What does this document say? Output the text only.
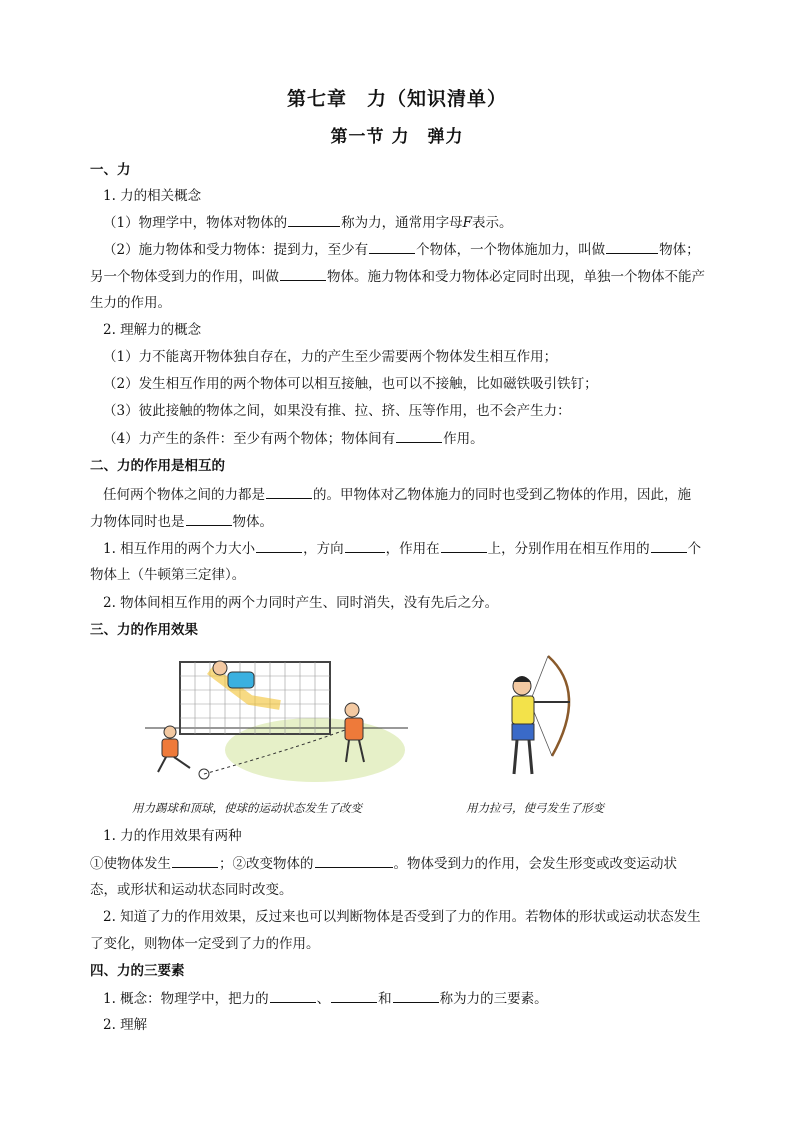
第七章　力（知识清单）
第一节 力　弹力
一、力
1. 力的相关概念
（1）物理学中，物体对物体的	称为力，通常用字母F表示。
（2）施力物体和受力物体：提到力，至少有	个物体，一个物体施加力，叫做	物体；
另一个物体受到力的作用，叫做	物体。施力物体和受力物体必定同时出现，单独一个物体不能产
生力的作用。
2. 理解力的概念
（1）力不能离开物体独自存在，力的产生至少需要两个物体发生相互作用；
（2）发生相互作用的两个物体可以相互接触，也可以不接触，比如磁铁吸引铁钉；
（3）彼此接触的物体之间，如果没有推、拉、挤、压等作用，也不会产生力：
（4）力产生的条件：至少有两个物体；物体间有	作用。
二、力的作用是相互的
任何两个物体之间的力都是	的。甲物体对乙物体施力的同时也受到乙物体的作用，因此，施
力物体同时也是	物体。
1. 相互作用的两个力大小	，方向	，作用在	上，分别作用在相互作用的	个
物体上（牛顿第三定律）。
2. 物体间相互作用的两个力同时产生、同时消失，没有先后之分。
三、力的作用效果
用力踢球和顶球，使球的运动状态发生了改变	用力拉弓，使弓发生了形变
1. 力的作用效果有两种
①使物体发生	；②改变物体的	。物体受到力的作用，会发生形变或改变运动状
态，或形状和运动状态同时改变。
2. 知道了力的作用效果，反过来也可以判断物体是否受到了力的作用。若物体的形状或运动状态发生
了变化，则物体一定受到了力的作用。
四、力的三要素
1. 概念：物理学中，把力的	、	和	称为力的三要素。
2. 理解
